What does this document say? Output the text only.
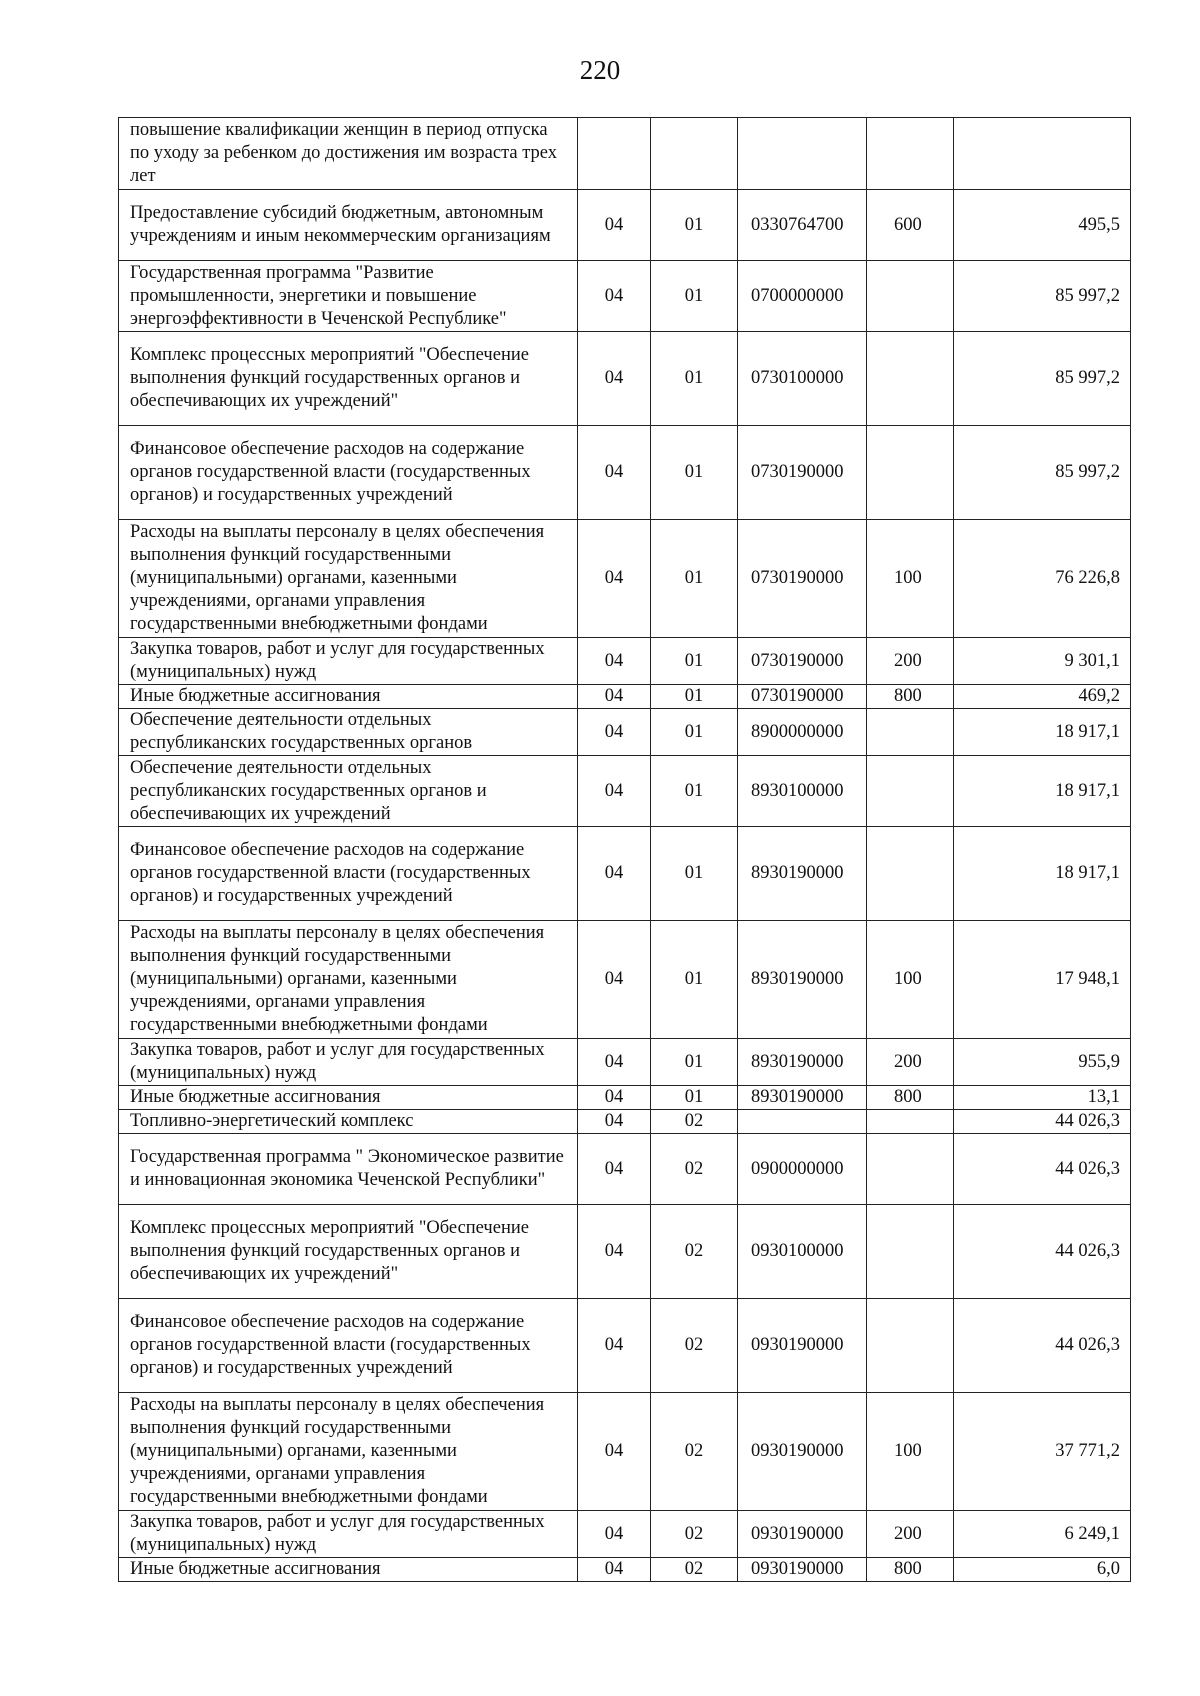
220
повышение квалификации женщин в период отпуска по уходу за ребенком до достижения им возраста трех лет					
Предоставление субсидий бюджетным, автономным учреждениям и иным некоммерческим организациям	04	01	0330764700	600	495,5
Государственная программа "Развитие промышленности, энергетики и повышение энергоэффективности в Чеченской Республике"	04	01	0700000000		85 997,2
Комплекс процессных мероприятий "Обеспечение выполнения функций государственных органов и обеспечивающих их учреждений"	04	01	0730100000		85 997,2
Финансовое обеспечение расходов на содержание органов государственной власти (государственных органов) и государственных учреждений	04	01	0730190000		85 997,2
Расходы на выплаты персоналу в целях обеспечения выполнения функций государственными (муниципальными) органами, казенными учреждениями, органами управления государственными внебюджетными фондами	04	01	0730190000	100	76 226,8
Закупка товаров, работ и услуг для государственных (муниципальных) нужд	04	01	0730190000	200	9 301,1
Иные бюджетные ассигнования	04	01	0730190000	800	469,2
Обеспечение деятельности отдельных республиканских государственных органов	04	01	8900000000		18 917,1
Обеспечение деятельности отдельных республиканских государственных органов и обеспечивающих их учреждений	04	01	8930100000		18 917,1
Финансовое обеспечение расходов на содержание органов государственной власти (государственных органов) и государственных учреждений	04	01	8930190000		18 917,1
Расходы на выплаты персоналу в целях обеспечения выполнения функций государственными (муниципальными) органами, казенными учреждениями, органами управления государственными внебюджетными фондами	04	01	8930190000	100	17 948,1
Закупка товаров, работ и услуг для государственных (муниципальных) нужд	04	01	8930190000	200	955,9
Иные бюджетные ассигнования	04	01	8930190000	800	13,1
Топливно-энергетический комплекс	04	02			44 026,3
Государственная программа " Экономическое развитие и инновационная экономика Чеченской Республики"	04	02	0900000000		44 026,3
Комплекс процессных мероприятий "Обеспечение выполнения функций государственных органов и обеспечивающих их учреждений"	04	02	0930100000		44 026,3
Финансовое обеспечение расходов на содержание органов государственной власти (государственных органов) и государственных учреждений	04	02	0930190000		44 026,3
Расходы на выплаты персоналу в целях обеспечения выполнения функций государственными (муниципальными) органами, казенными учреждениями, органами управления государственными внебюджетными фондами	04	02	0930190000	100	37 771,2
Закупка товаров, работ и услуг для государственных (муниципальных) нужд	04	02	0930190000	200	6 249,1
Иные бюджетные ассигнования	04	02	0930190000	800	6,0
